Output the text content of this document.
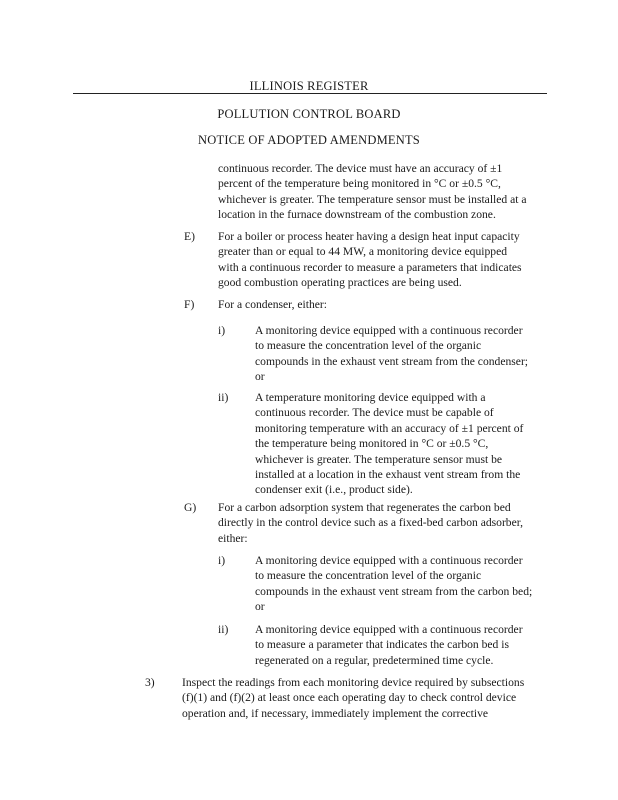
ILLINOIS REGISTER
POLLUTION CONTROL BOARD
NOTICE OF ADOPTED AMENDMENTS
continuous recorder. The device must have an accuracy of ±1
percent of the temperature being monitored in °C or ±0.5 °C,
whichever is greater. The temperature sensor must be installed at a
location in the furnace downstream of the combustion zone.
E) For a boiler or process heater having a design heat input capacity
greater than or equal to 44 MW, a monitoring device equipped
with a continuous recorder to measure a parameters that indicates
good combustion operating practices are being used.
F) For a condenser, either:
i)	A monitoring device equipped with a continuous recorder
to measure the concentration level of the organic
compounds in the exhaust vent stream from the condenser;
or
ii) A temperature monitoring device equipped with a
continuous recorder. The device must be capable of
monitoring temperature with an accuracy of ±1 percent of
the temperature being monitored in °C or ±0.5 °C,
whichever is greater. The temperature sensor must be
installed at a location in the exhaust vent stream from the
condenser exit (i.e., product side).
G) For a carbon adsorption system that regenerates the carbon bed
directly in the control device such as a fixed-bed carbon adsorber,
either:
i)	A monitoring device equipped with a continuous recorder
to measure the concentration level of the organic
compounds in the exhaust vent stream from the carbon bed;
or
ii) A monitoring device equipped with a continuous recorder
to measure a parameter that indicates the carbon bed is
regenerated on a regular, predetermined time cycle.
3) Inspect the readings from each monitoring device required by subsections
(f)(1) and (f)(2) at least once each operating day to check control device
operation and, if necessary, immediately implement the corrective
